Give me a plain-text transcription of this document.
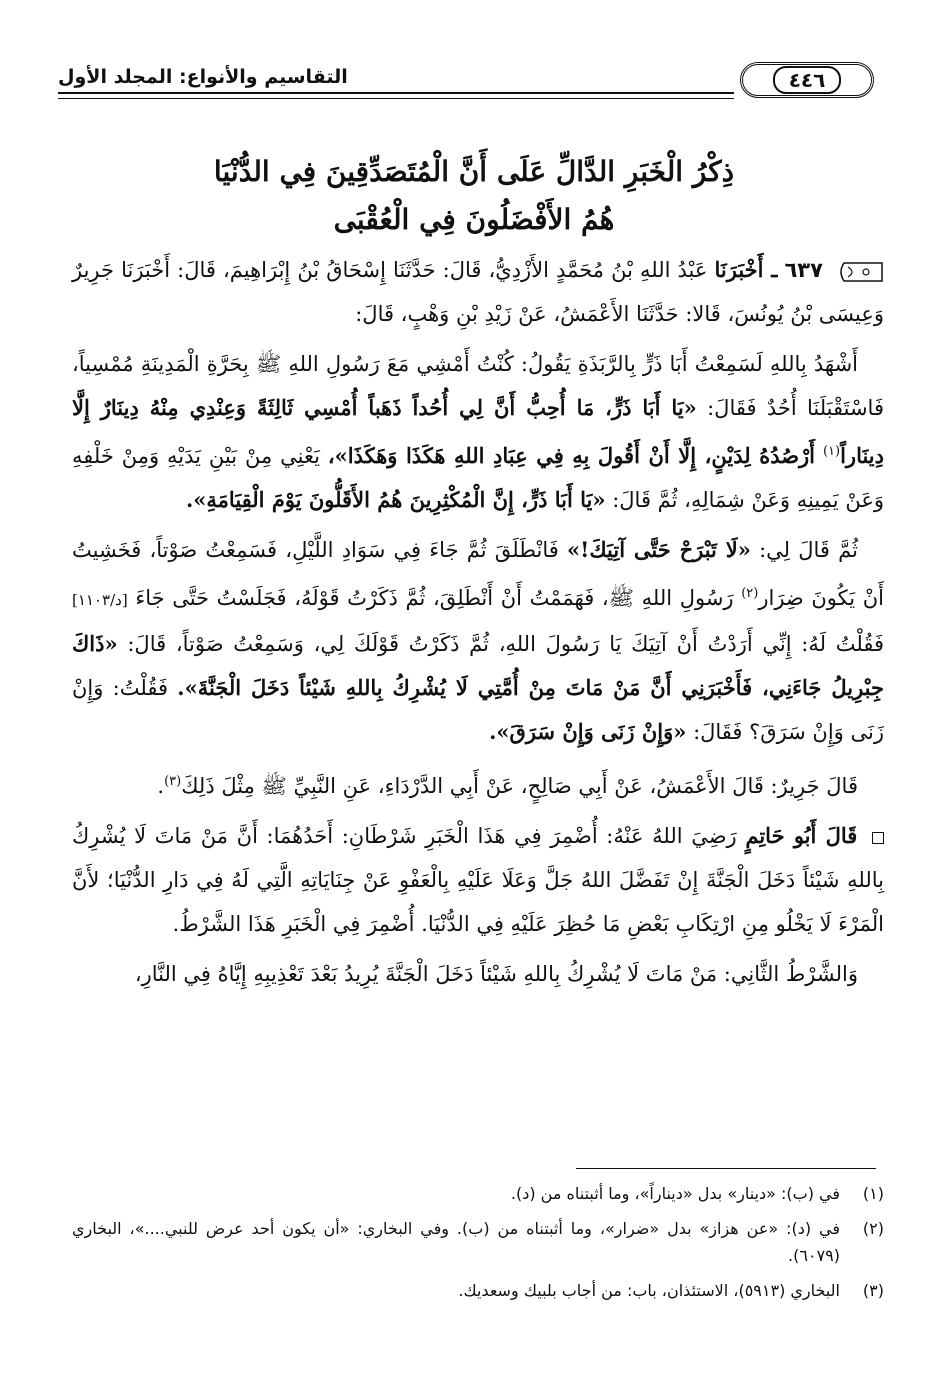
٤٤٦
التقاسيم والأنواع: المجلد الأول
ذِكْرُ الْخَبَرِ الدَّالِّ عَلَى أَنَّ الْمُتَصَدِّقِينَ فِي الدُّنْيَا
هُمُ الأَفْضَلُونَ فِي الْعُقْبَى

٦٣٧ ـ أَخْبَرَنَا عَبْدُ اللهِ بْنُ مُحَمَّدٍ الأَزْدِيُّ، قَالَ: حَدَّثَنَا إِسْحَاقُ بْنُ إِبْرَاهِيمَ، قَالَ: أَخْبَرَنَا جَرِيرٌ وَعِيسَى بْنُ يُونُسَ، قَالا: حَدَّثَنَا الأَعْمَشُ، عَنْ زَيْدِ بْنِ وَهْبٍ، قَالَ:

أَشْهَدُ بِاللهِ لَسَمِعْتُ أَبَا ذَرٍّ بِالرَّبَذَةِ يَقُولُ: كُنْتُ أَمْشِي مَعَ رَسُولِ اللهِ ﷺ بِحَرَّةِ الْمَدِينَةِ مُمْسِياً، فَاسْتَقْبَلَنَا أُحُدٌ فَقَالَ: «يَا أَبَا ذَرٍّ، مَا أُحِبُّ أَنَّ لِي أُحُداً ذَهَباً أُمْسِي ثَالِثَةً وَعِنْدِي مِنْهُ دِينَارٌ إِلَّا دِينَاراً$^{(١)}$ أَرْصُدُهُ لِدَيْنٍ، إِلَّا أَنْ أَقُولَ بِهِ فِي عِبَادِ اللهِ هَكَذَا وَهَكَذَا»، يَعْنِي مِنْ بَيْنِ يَدَيْهِ وَمِنْ خَلْفِهِ وَعَنْ يَمِينِهِ وَعَنْ شِمَالِهِ، ثُمَّ قَالَ: «يَا أَبَا ذَرٍّ، إِنَّ الْمُكْثِرِينَ هُمُ الأَقَلُّونَ يَوْمَ الْقِيَامَةِ».

ثُمَّ قَالَ لِي: «لَا تَبْرَحْ حَتَّى آتِيَكَ!» فَانْطَلَقَ ثُمَّ جَاءَ فِي سَوَادِ اللَّيْلِ، فَسَمِعْتُ صَوْتاً، فَخَشِيتُ أَنْ يَكُونَ ضِرَار$^{(٢)}$ رَسُولِ اللهِ ﷺ، فَهَمَمْتُ أَنْ أَنْطَلِقَ، ثُمَّ ذَكَرْتُ قَوْلَهُ، فَجَلَسْتُ حَتَّى جَاءَ [د/١١٠٣] فَقُلْتُ لَهُ: إِنِّي أَرَدْتُ أَنْ آتِيَكَ يَا رَسُولَ اللهِ، ثُمَّ ذَكَرْتُ قَوْلَكَ لِي، وَسَمِعْتُ صَوْتاً، قَالَ: «ذَاكَ جِبْرِيلُ جَاءَنِي، فَأَخْبَرَنِي أَنَّ مَنْ مَاتَ مِنْ أُمَّتِي لَا يُشْرِكُ بِاللهِ شَيْئاً دَخَلَ الْجَنَّةَ». فَقُلْتُ: وَإِنْ زَنَى وَإِنْ سَرَقَ؟ فَقَالَ: «وَإِنْ زَنَى وَإِنْ سَرَقَ».

قَالَ جَرِيرٌ: قَالَ الأَعْمَشُ، عَنْ أَبِي صَالِحٍ، عَنْ أَبِي الدَّرْدَاءِ، عَنِ النَّبِيِّ ﷺ مِثْلَ ذَلِكَ$^{(٣)}$.

قَالَ أَبُو حَاتِمٍ رَضِيَ اللهُ عَنْهُ: أُضْمِرَ فِي هَذَا الْخَبَرِ شَرْطَانِ: أَحَدُهُمَا: أَنَّ مَنْ مَاتَ لَا يُشْرِكُ بِاللهِ شَيْئاً دَخَلَ الْجَنَّةَ إِنْ تَفَضَّلَ اللهُ جَلَّ وَعَلَا عَلَيْهِ بِالْعَفْوِ عَنْ جِنَايَاتِهِ الَّتِي لَهُ فِي دَارِ الدُّنْيَا؛ لأَنَّ الْمَرْءَ لَا يَخْلُو مِنِ ارْتِكَابِ بَعْضِ مَا حُظِرَ عَلَيْهِ فِي الدُّنْيَا. أُضْمِرَ فِي الْخَبَرِ هَذَا الشَّرْطُ.

وَالشَّرْطُ الثَّانِي: مَنْ مَاتَ لَا يُشْرِكُ بِاللهِ شَيْئاً دَخَلَ الْجَنَّةَ يُرِيدُ بَعْدَ تَعْذِيبِهِ إِيَّاهُ فِي النَّارِ،

(١)
في (ب): «دينار» بدل «ديناراً»، وما أثبتناه من (د).
(٢)
في (د): «عن هزاز» بدل «ضرار»، وما أثبتناه من (ب). وفي البخاري: «أن يكون أحد عرض للنبي....»، البخاري (٦٠٧٩).
(٣)
البخاري (٥٩١٣)، الاستئذان، باب: من أجاب بلبيك وسعديك.
